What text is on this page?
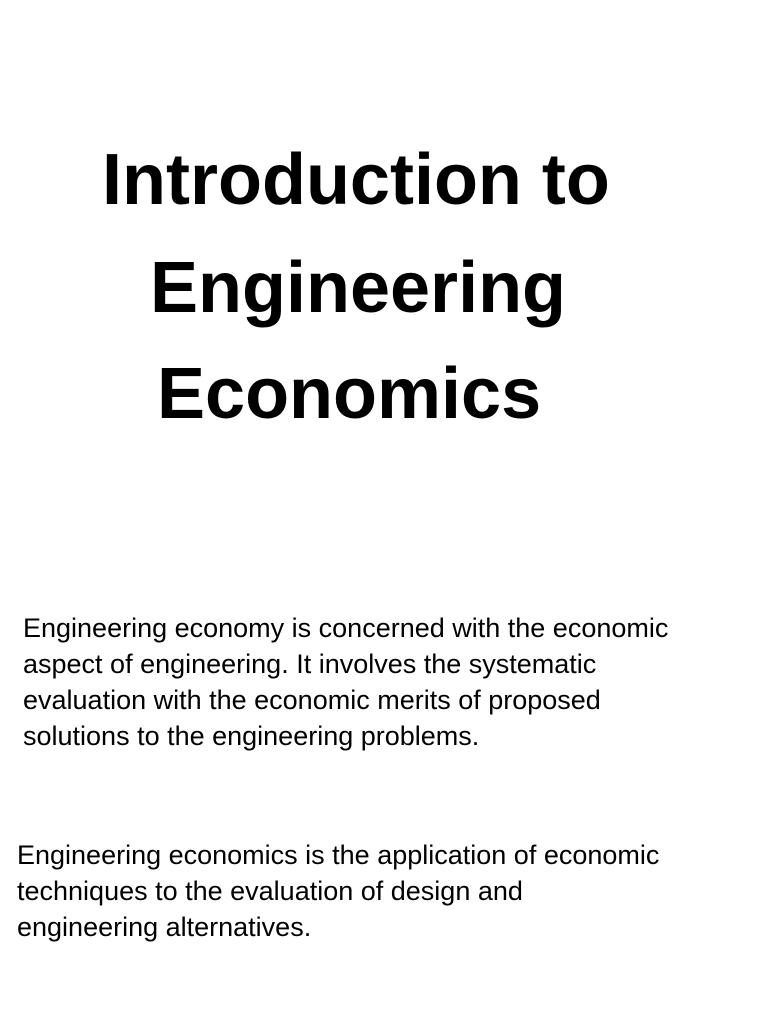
Introduction to
Engineering
Economics

Engineering economy is concerned with the economic
aspect of engineering. It involves the systematic
evaluation with the economic merits of proposed
solutions to the engineering problems.

Engineering economics is the application of economic
techniques to the evaluation of design and
engineering alternatives.
